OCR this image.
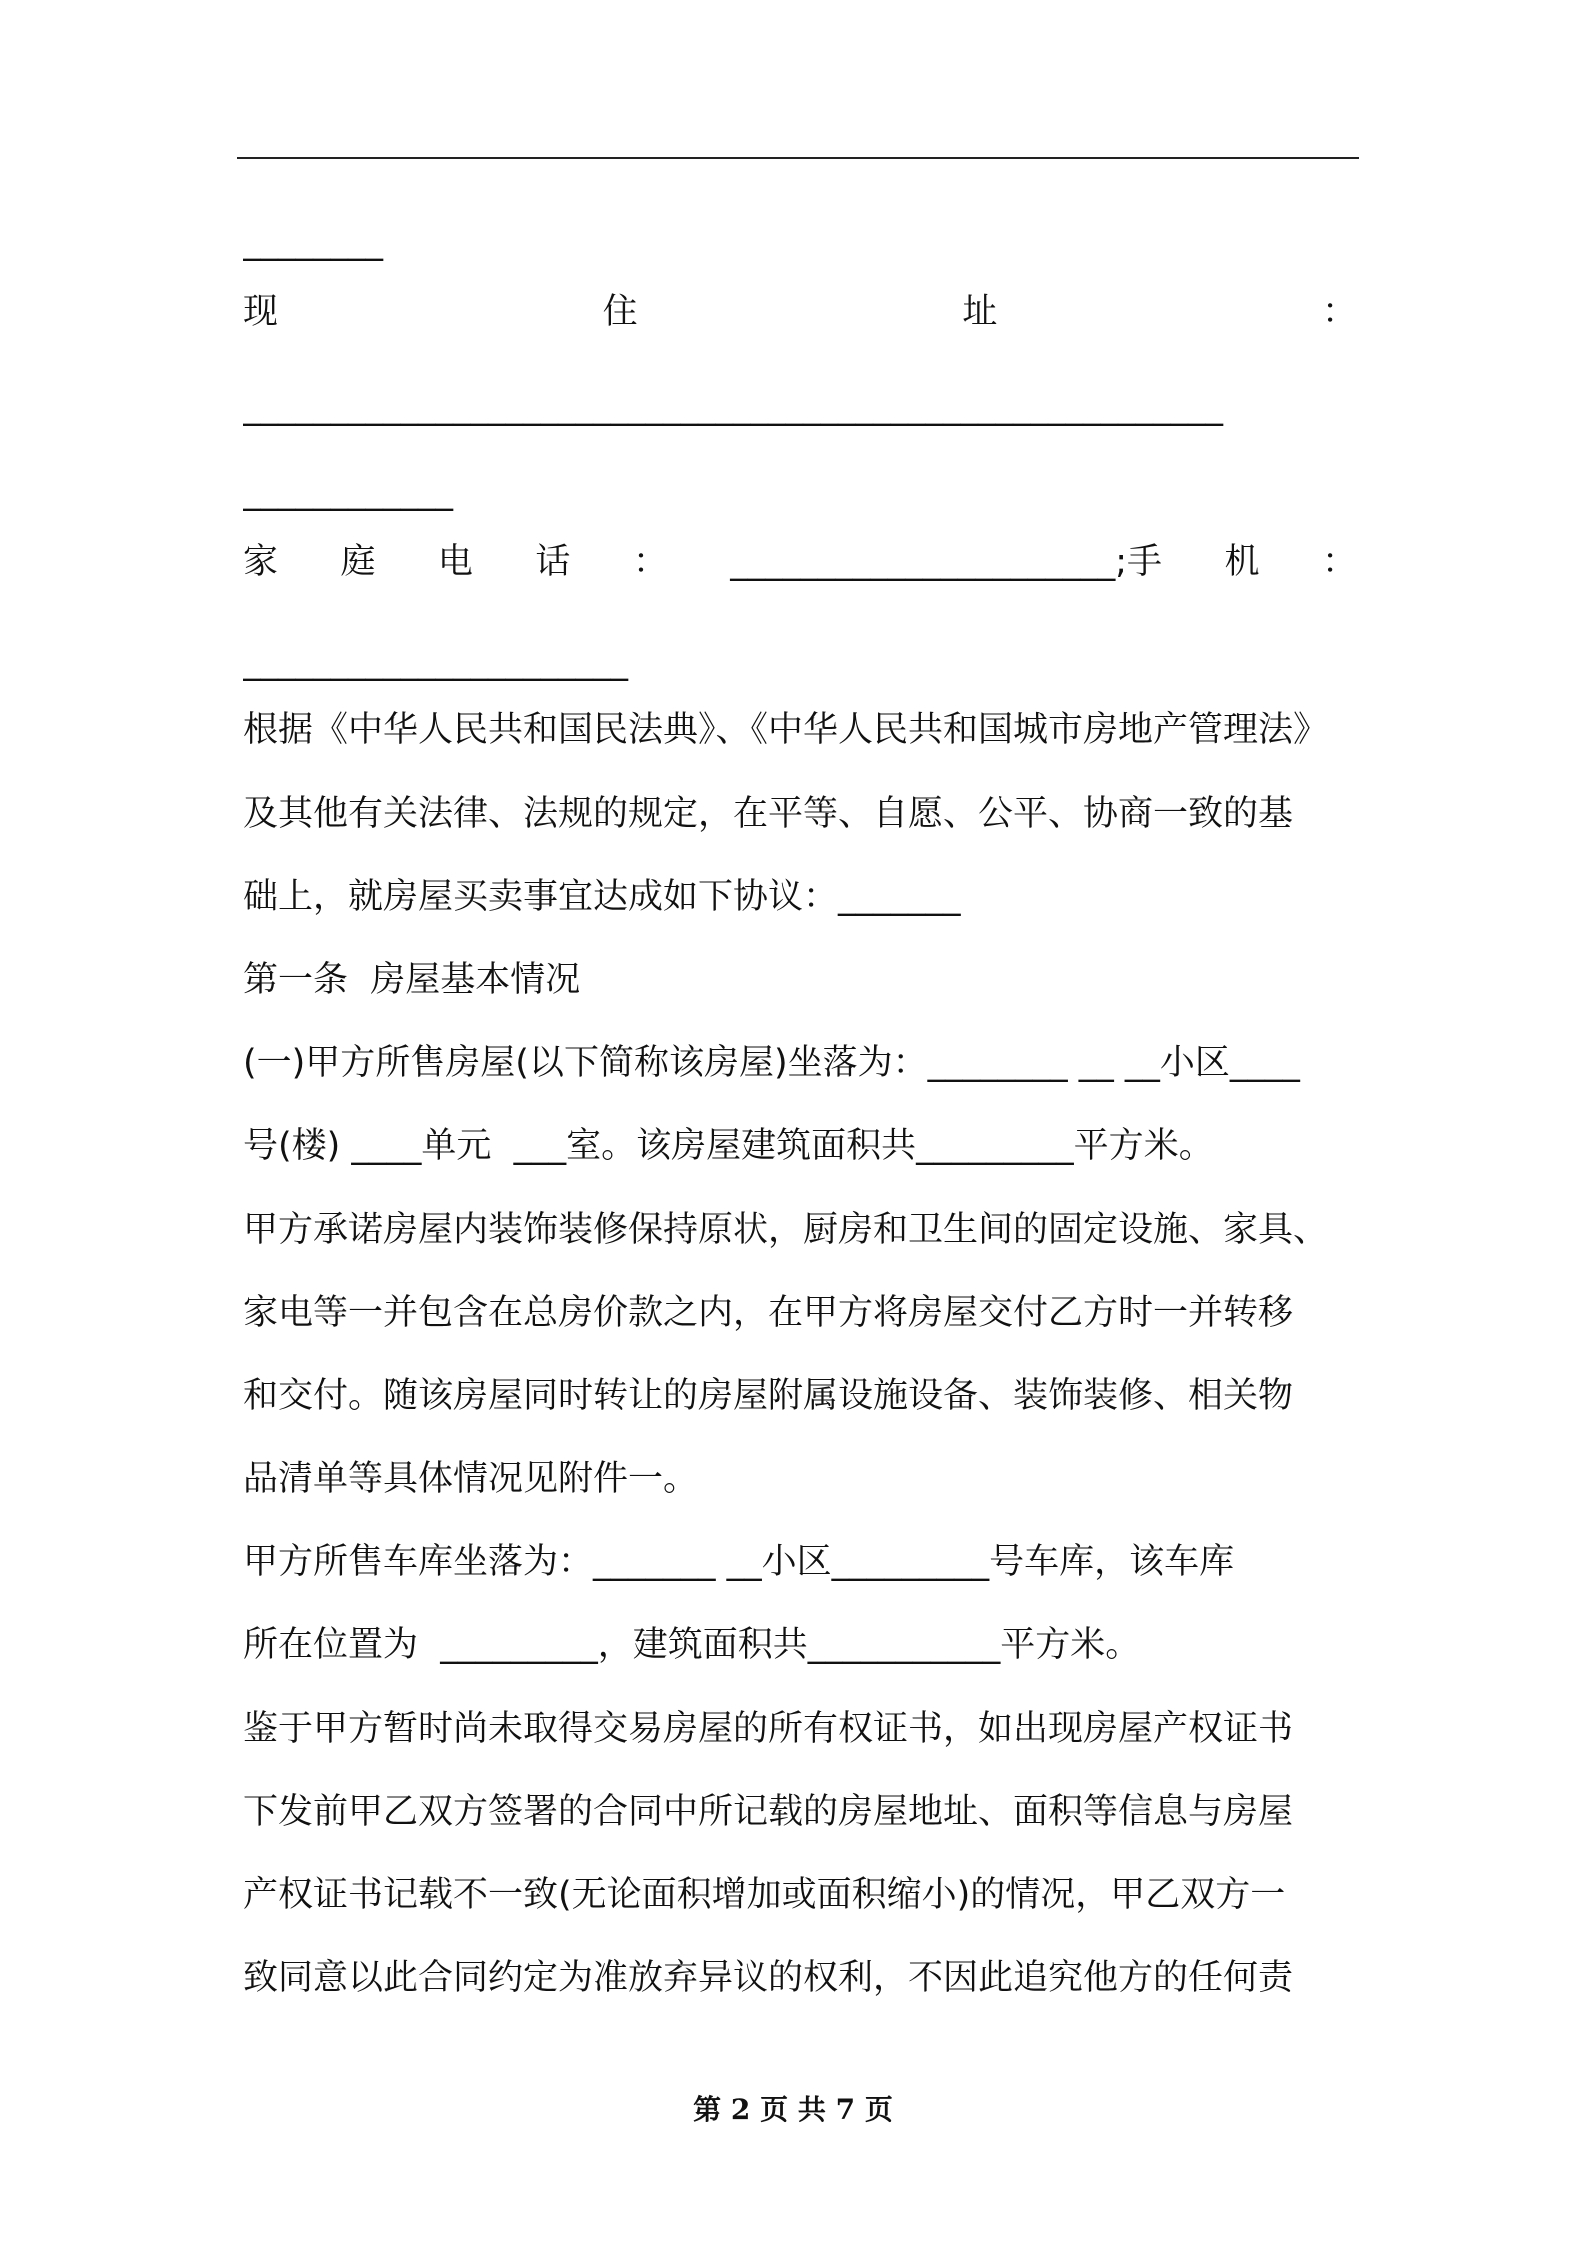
________
现	住	址	：
________________________________________________________
____________
家 庭 电 话 ： ______________________;手 机 ：
______________________
根据《中华人民共和国民法典》、《中华人民共和国城市房地产管理法》
及其他有关法律、法规的规定，在平等、自愿、公平、协商一致的基
础上，就房屋买卖事宜达成如下协议：_______
第一条  房屋基本情况
(一)甲方所售房屋(以下简称该房屋)坐落为：________ __ __小区____
号(楼) ____单元  ___室。该房屋建筑面积共_________平方米。
甲方承诺房屋内装饰装修保持原状，厨房和卫生间的固定设施、家具、
家电等一并包含在总房价款之内，在甲方将房屋交付乙方时一并转移
和交付。随该房屋同时转让的房屋附属设施设备、装饰装修、相关物
品清单等具体情况见附件一。
甲方所售车库坐落为：_______ __小区_________号车库，该车库
所在位置为  _________，建筑面积共___________平方米。
鉴于甲方暂时尚未取得交易房屋的所有权证书，如出现房屋产权证书
下发前甲乙双方签署的合同中所记载的房屋地址、面积等信息与房屋
产权证书记载不一致(无论面积增加或面积缩小)的情况，甲乙双方一
致同意以此合同约定为准放弃异议的权利，不因此追究他方的任何责
第 2 页 共 7 页
